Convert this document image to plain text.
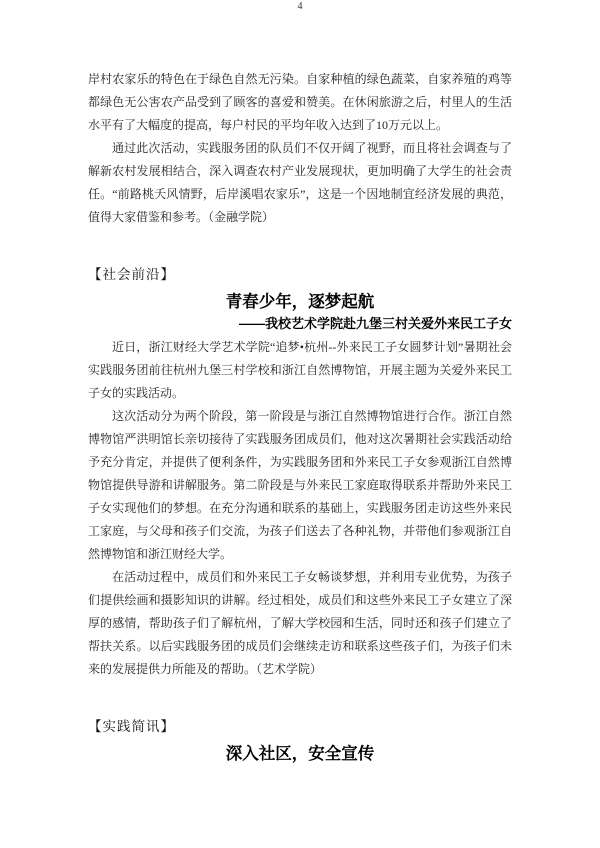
岸村农家乐的特色在于绿色自然无污染。自家种植的绿色蔬菜，自家养殖的鸡等都绿色无公害农产品受到了顾客的喜爱和赞美。在休闲旅游之后，村里人的生活水平有了大幅度的提高，每户村民的平均年收入达到了10万元以上。

通过此次活动，实践服务团的队员们不仅开阔了视野，而且将社会调查与了解新农村发展相结合，深入调查农村产业发展现状，更加明确了大学生的社会责任。“前路桃夭风情野，后岸溪唱农家乐”，这是一个因地制宜经济发展的典范，值得大家借鉴和参考。（金融学院）

【社会前沿】

青春少年，逐梦起航

——我校艺术学院赴九堡三村关爱外来民工子女

近日，浙江财经大学艺术学院“追梦•杭州--外来民工子女圆梦计划”暑期社会实践服务团前往杭州九堡三村学校和浙江自然博物馆，开展主题为关爱外来民工子女的实践活动。

这次活动分为两个阶段，第一阶段是与浙江自然博物馆进行合作。浙江自然博物馆严洪明馆长亲切接待了实践服务团成员们，他对这次暑期社会实践活动给予充分肯定，并提供了便利条件，为实践服务团和外来民工子女参观浙江自然博物馆提供导游和讲解服务。第二阶段是与外来民工家庭取得联系并帮助外来民工子女实现他们的梦想。在充分沟通和联系的基础上，实践服务团走访这些外来民工家庭，与父母和孩子们交流，为孩子们送去了各种礼物，并带他们参观浙江自然博物馆和浙江财经大学。

在活动过程中，成员们和外来民工子女畅谈梦想，并利用专业优势，为孩子们提供绘画和摄影知识的讲解。经过相处，成员们和这些外来民工子女建立了深厚的感情，帮助孩子们了解杭州，了解大学校园和生活，同时还和孩子们建立了帮扶关系。以后实践服务团的成员们会继续走访和联系这些孩子们，为孩子们未来的发展提供力所能及的帮助。（艺术学院）

【实践简讯】

深入社区，安全宣传

4
